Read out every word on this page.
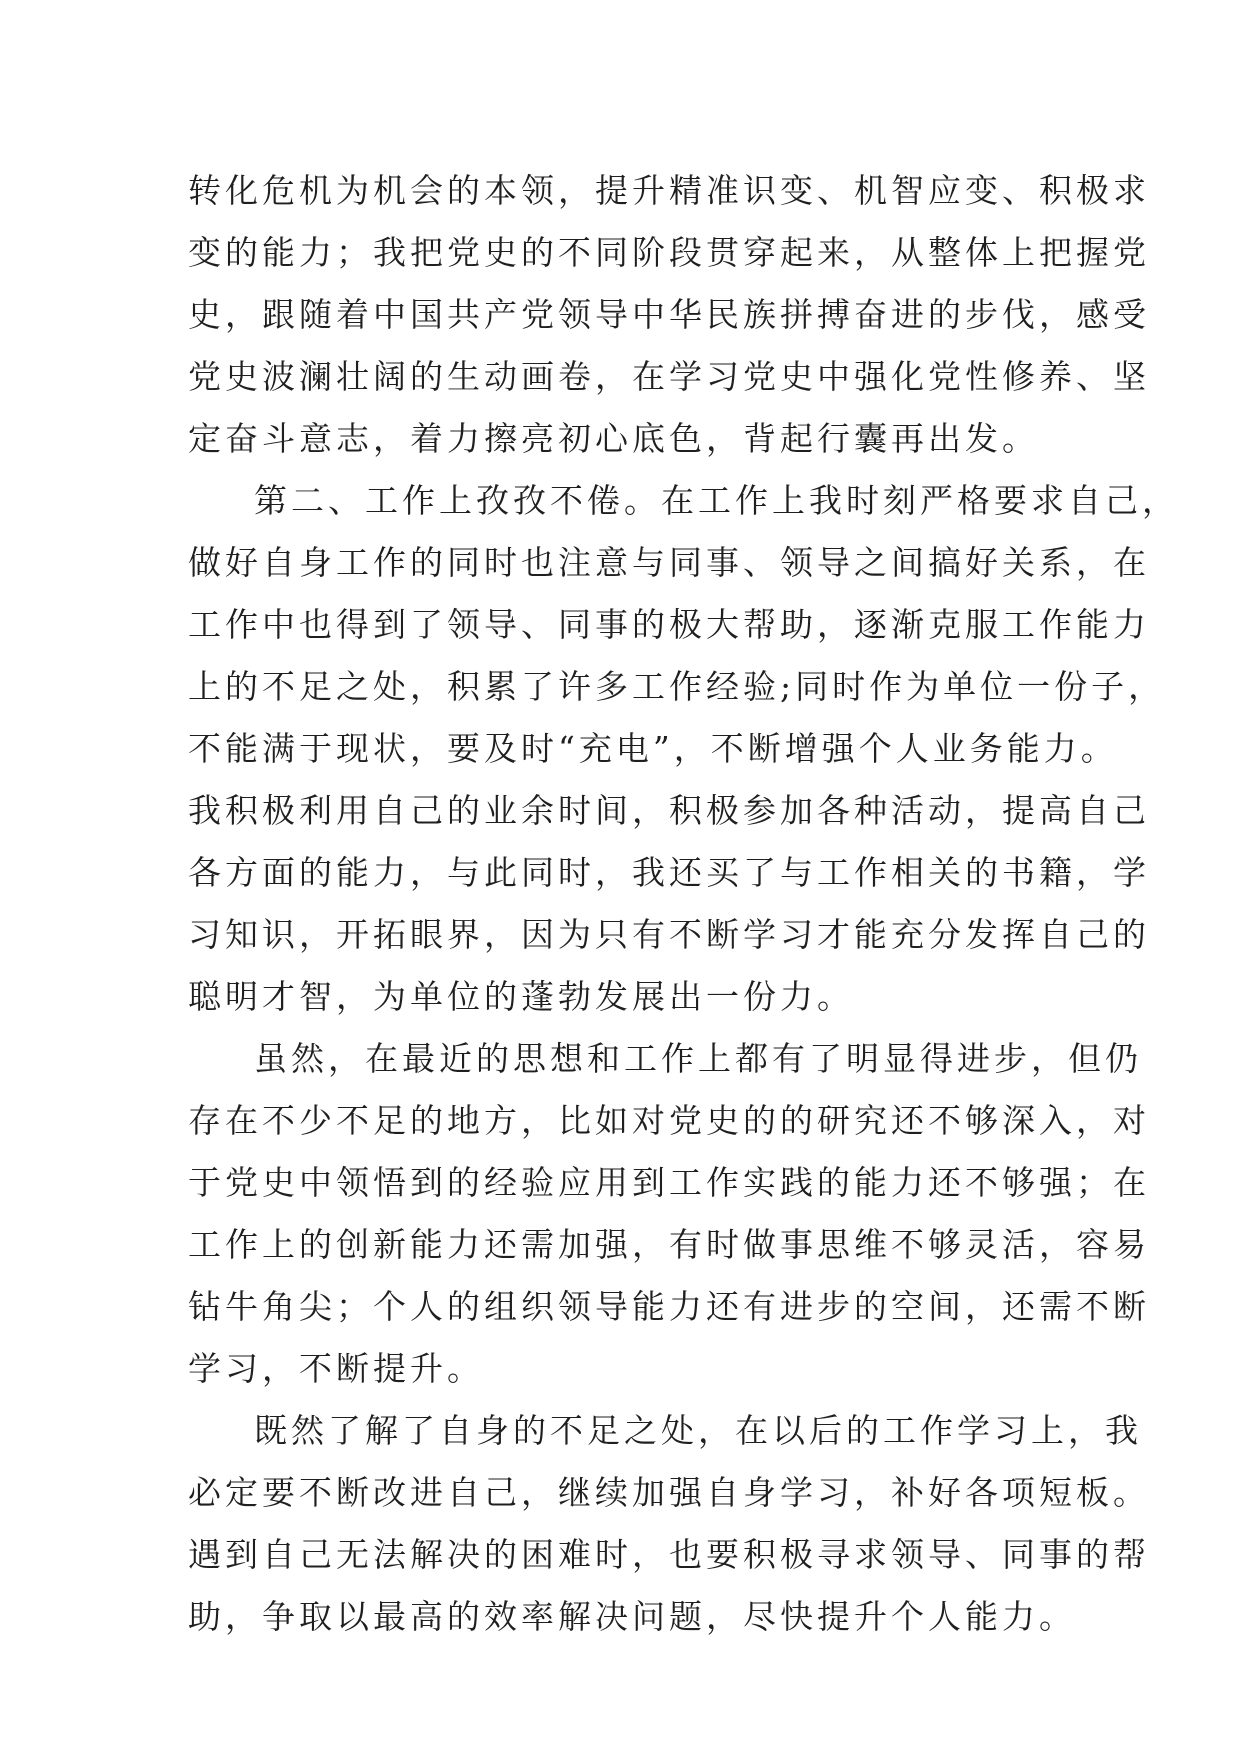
转化危机为机会的本领，提升精准识变、机智应变、积极求
变的能力；我把党史的不同阶段贯穿起来，从整体上把握党
史，跟随着中国共产党领导中华民族拼搏奋进的步伐，感受
党史波澜壮阔的生动画卷，在学习党史中强化党性修养、坚
定奋斗意志，着力擦亮初心底色，背起行囊再出发。
第二、工作上孜孜不倦。在工作上我时刻严格要求自己，
做好自身工作的同时也注意与同事、领导之间搞好关系，在
工作中也得到了领导、同事的极大帮助，逐渐克服工作能力
上的不足之处，积累了许多工作经验;同时作为单位一份子，
不能满于现状，要及时“充电”，不断增强个人业务能力。
我积极利用自己的业余时间，积极参加各种活动，提高自己
各方面的能力，与此同时，我还买了与工作相关的书籍，学
习知识，开拓眼界，因为只有不断学习才能充分发挥自己的
聪明才智，为单位的蓬勃发展出一份力。
虽然，在最近的思想和工作上都有了明显得进步，但仍
存在不少不足的地方，比如对党史的的研究还不够深入，对
于党史中领悟到的经验应用到工作实践的能力还不够强；在
工作上的创新能力还需加强，有时做事思维不够灵活，容易
钻牛角尖；个人的组织领导能力还有进步的空间，还需不断
学习，不断提升。
既然了解了自身的不足之处，在以后的工作学习上，我
必定要不断改进自己，继续加强自身学习，补好各项短板。
遇到自己无法解决的困难时，也要积极寻求领导、同事的帮
助，争取以最高的效率解决问题，尽快提升个人能力。
